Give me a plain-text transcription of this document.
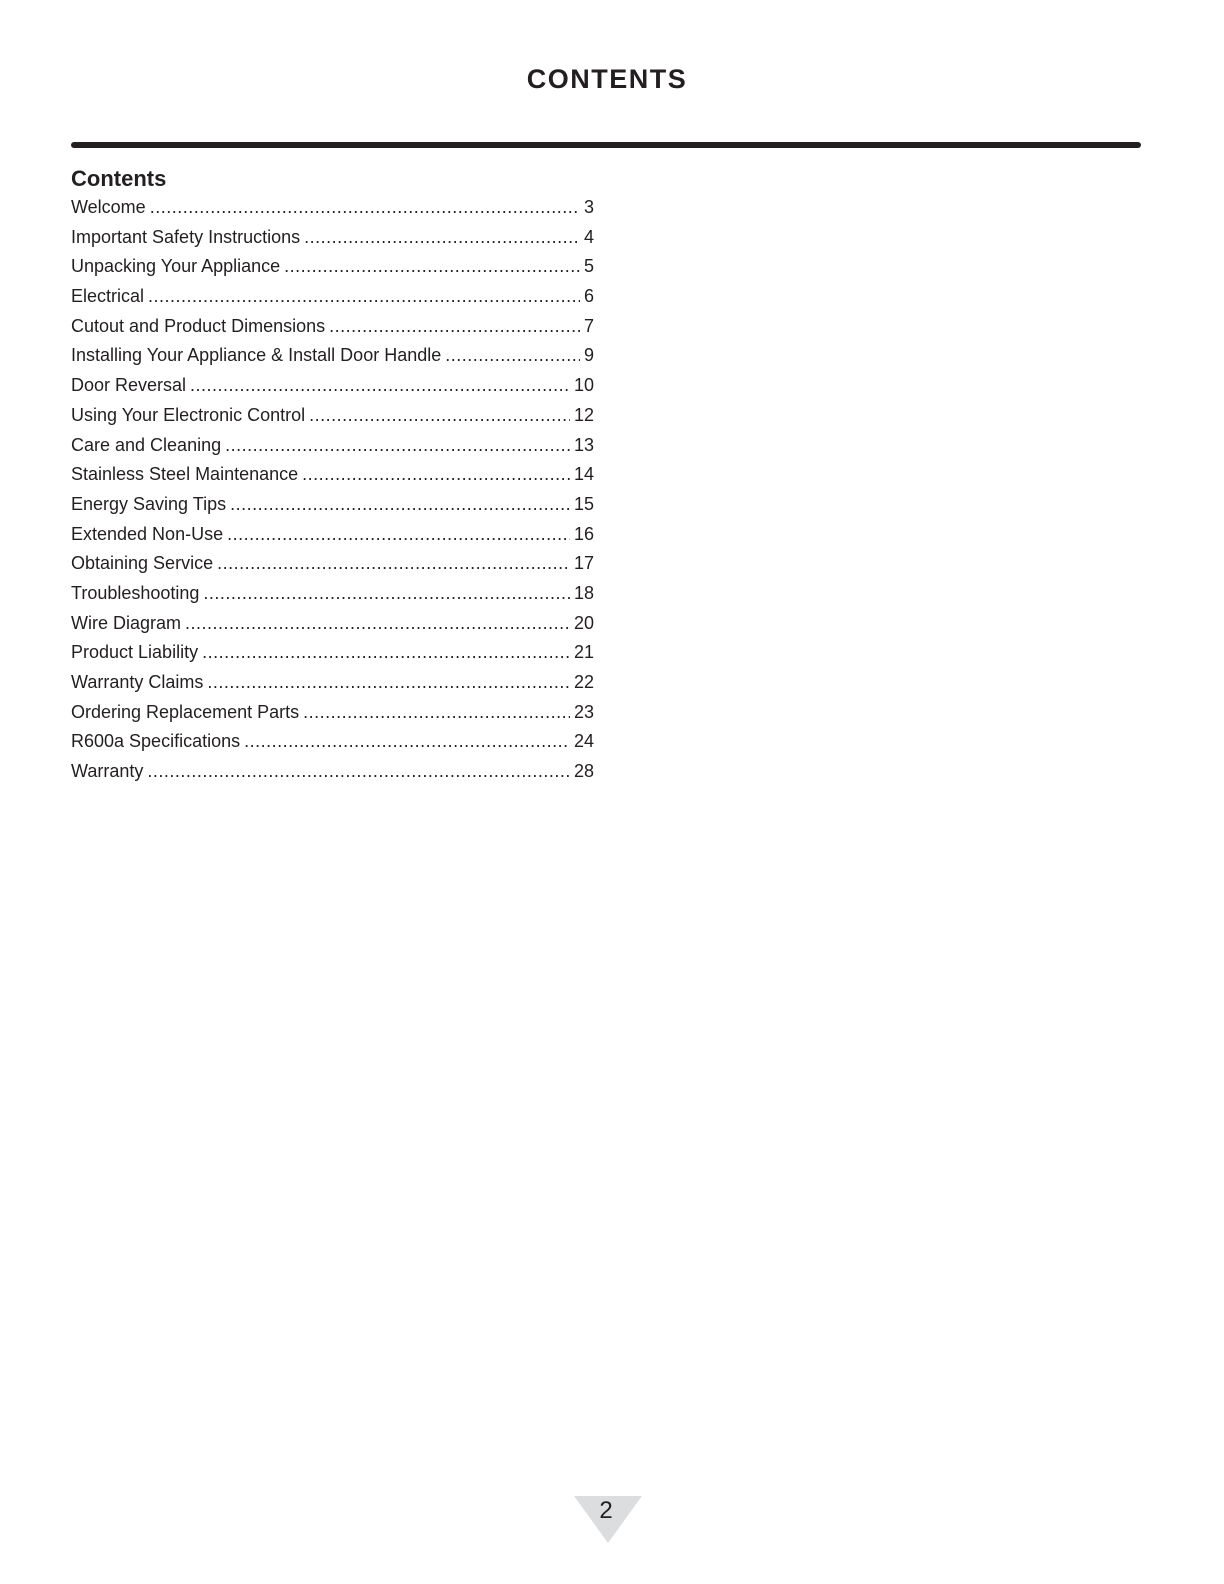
CONTENTS
Contents
Welcome .....	3
Important Safety Instructions .....	4
Unpacking Your Appliance .....	5
Electrical .....	6
Cutout and Product Dimensions .....	7
Installing Your Appliance & Install Door Handle .....	9
Door Reversal .....	10
Using Your Electronic Control .....	12
Care and Cleaning .....	13
Stainless Steel Maintenance .....	14
Energy Saving Tips .....	15
Extended Non-Use .....	16
Obtaining Service .....	17
Troubleshooting .....	18
Wire Diagram .....	20
Product Liability .....	21
Warranty Claims .....	22
Ordering Replacement Parts .....	23
R600a Specifications .....	24
Warranty .....	28
2
